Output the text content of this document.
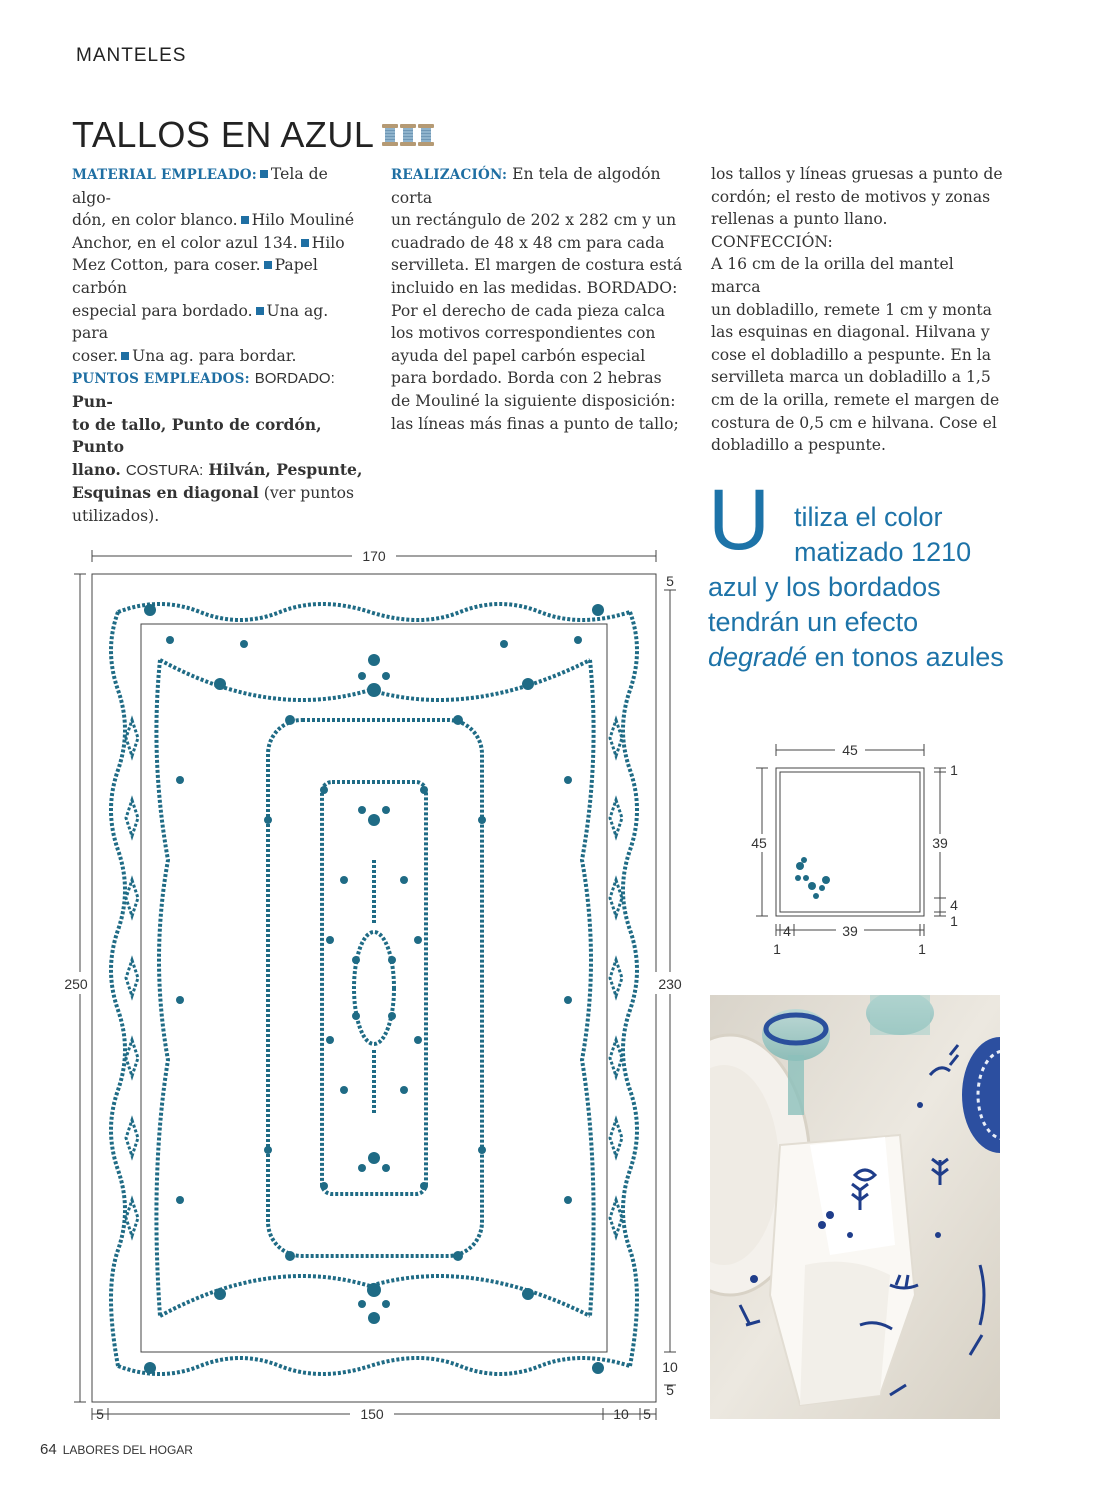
MANTELES
TALLOS EN AZUL
MATERIAL EMPLEADO: Tela de algo-
dón, en color blanco. Hilo Mouliné
Anchor, en el color azul 134. Hilo
Mez Cotton, para coser. Papel carbón
especial para bordado. Una ag. para
coser. Una ag. para bordar.
PUNTOS EMPLEADOS: BORDADO: Pun-
to de tallo, Punto de cordón, Punto
llano. COSTURA: Hilván, Pespunte,
Esquinas en diagonal (ver puntos
utilizados).
REALIZACIÓN: En tela de algodón corta
un rectángulo de 202 x 282 cm y un
cuadrado de 48 x 48 cm para cada
servilleta. El margen de costura está
incluido en las medidas. BORDADO:
Por el derecho de cada pieza calca
los motivos correspondientes con
ayuda del papel carbón especial
para bordado. Borda con 2 hebras
de Mouliné la siguiente disposición:
las líneas más finas a punto de tallo;
los tallos y líneas gruesas a punto de
cordón; el resto de motivos y zonas
rellenas a punto llano. CONFECCIÓN:
A 16 cm de la orilla del mantel marca
un dobladillo, remete 1 cm y monta
las esquinas en diagonal. Hilvana y
cose el dobladillo a pespunte. En la
servilleta marca un dobladillo a 1,5
cm de la orilla, remete el margen de
costura de 0,5 cm e hilvana. Cose el
dobladillo a pespunte.
U tiliza el color
matizado 1210
azul y los bordados
tendrán un efecto
degradé en tonos azules
170
5
250	230
10
5
5	150	10 5
45
45
1
39
4
1
4	39
1	1
64 LABORES DEL HOGAR
